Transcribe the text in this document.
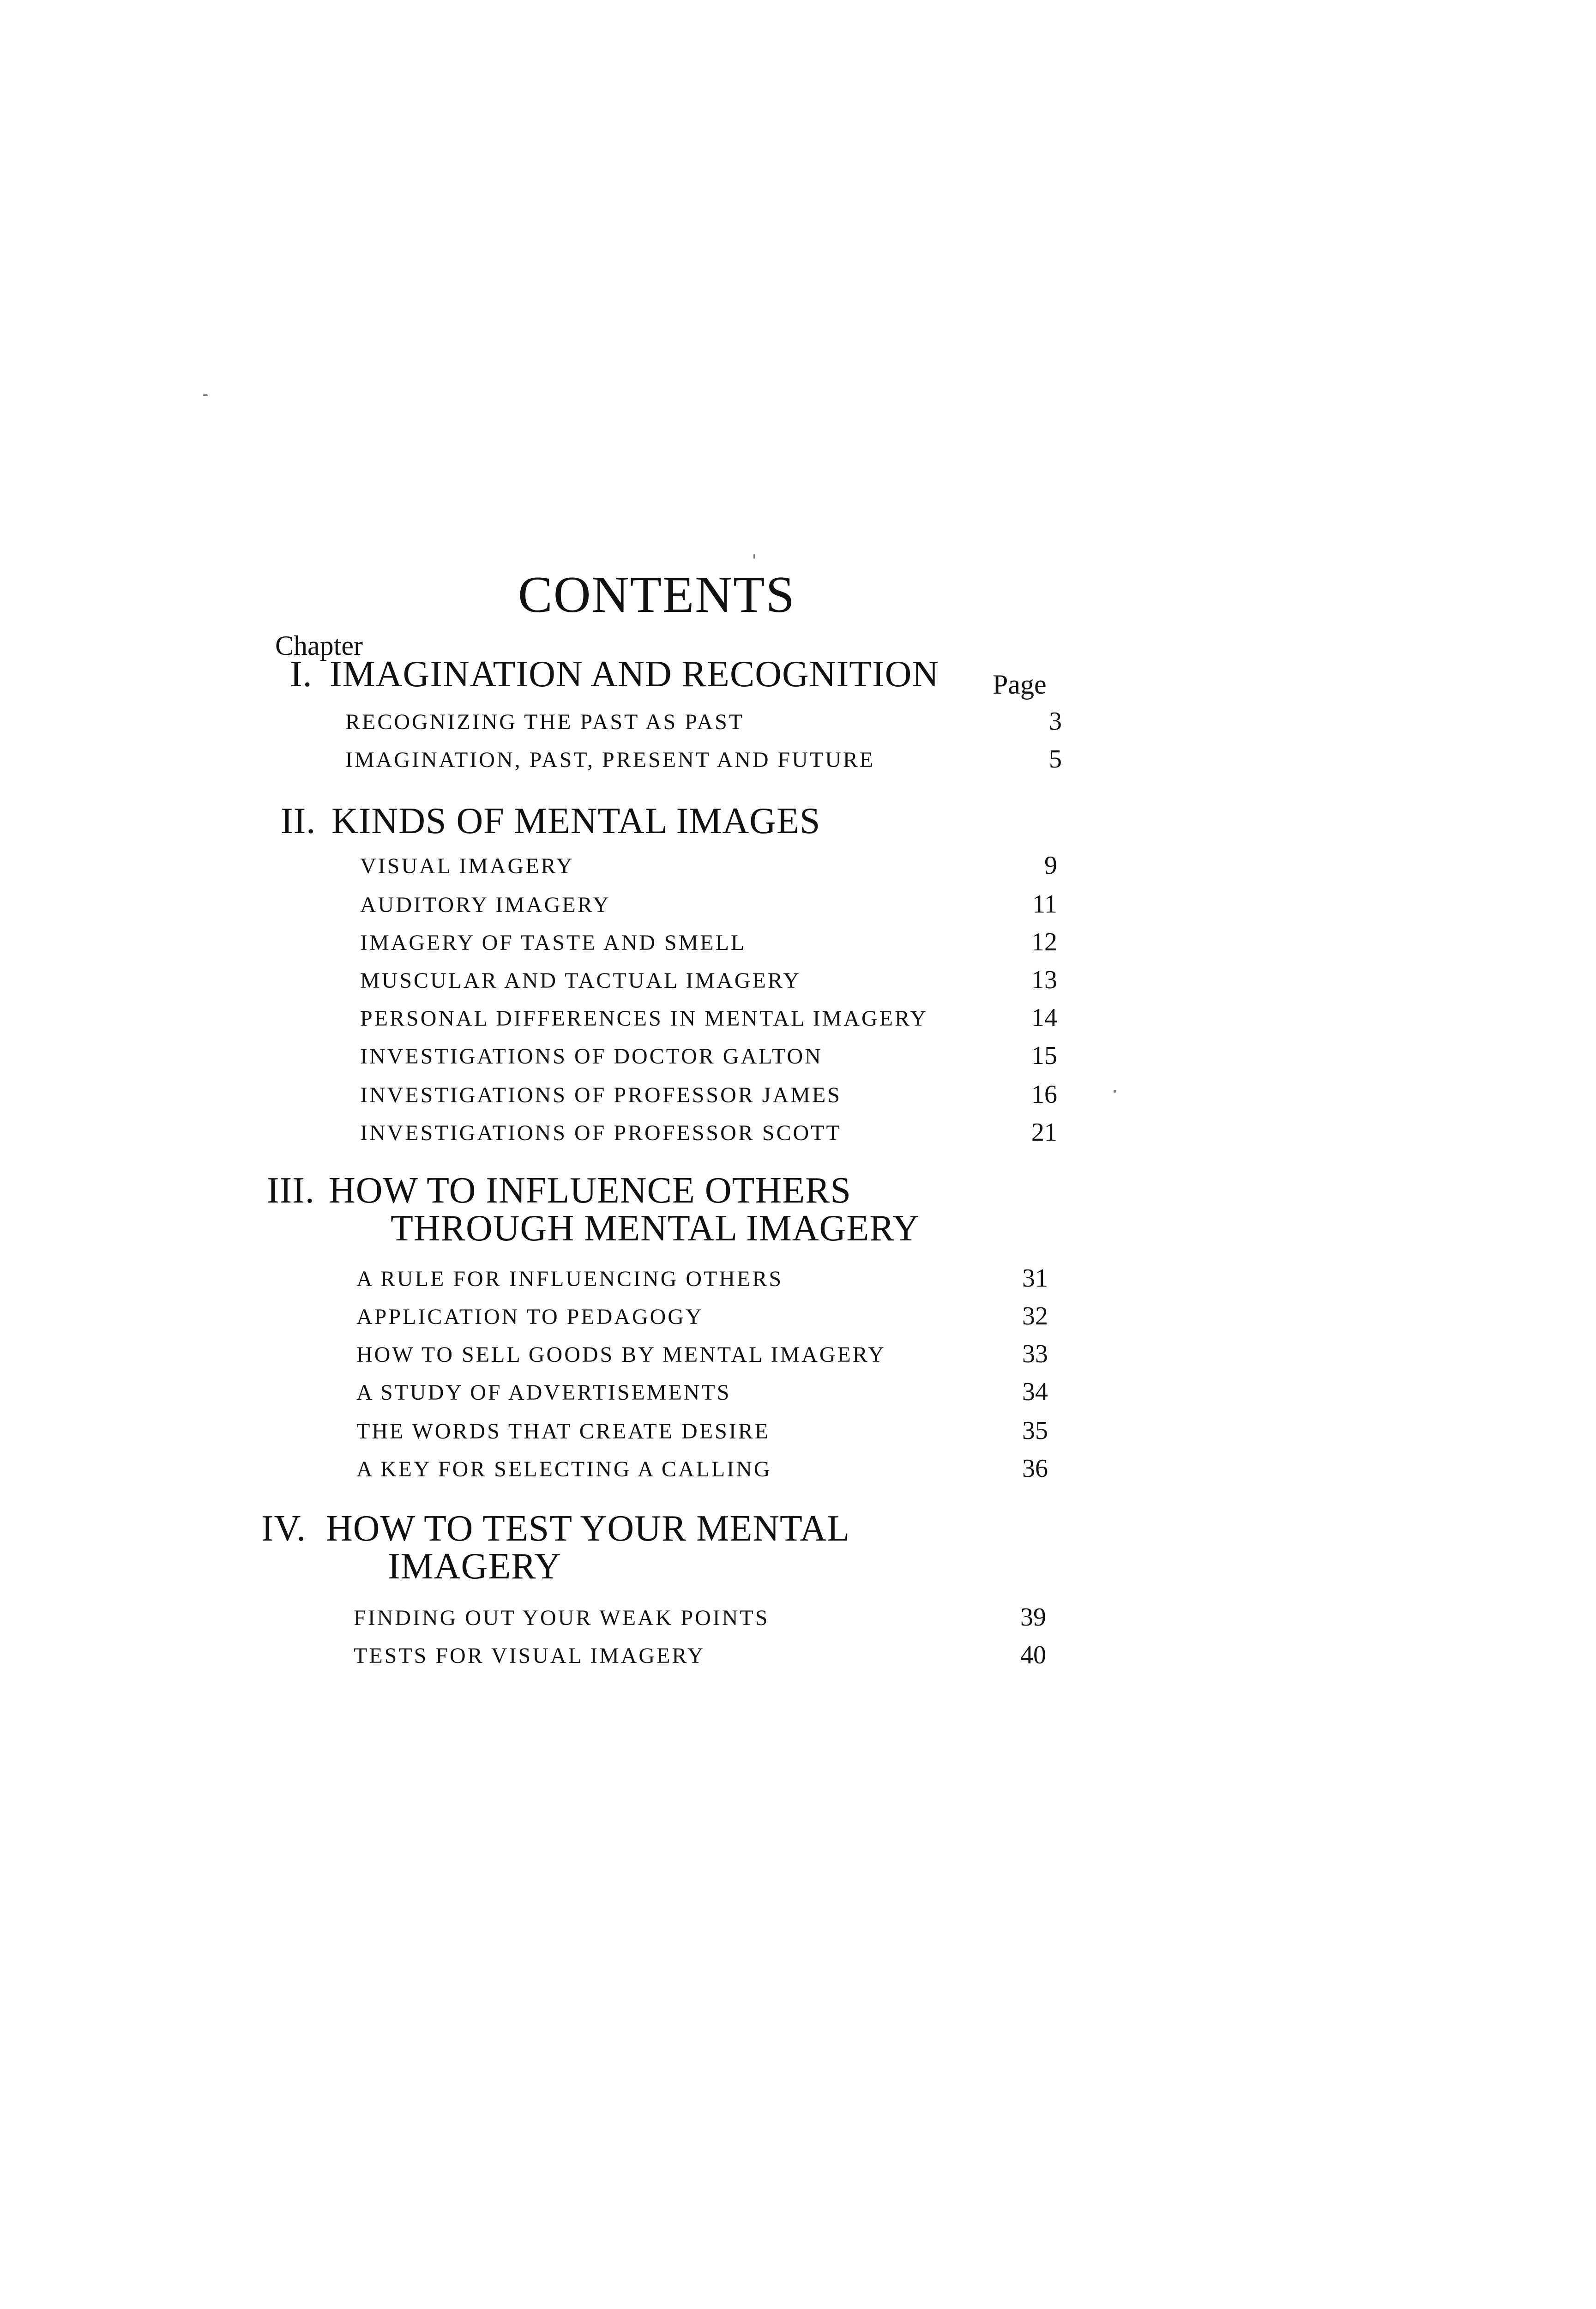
CONTENTS
Chapter
Page
I. IMAGINATION AND RECOGNITION
RECOGNIZING THE PAST AS PAST	3
IMAGINATION, PAST, PRESENT AND FUTURE	5
II. KINDS OF MENTAL IMAGES
VISUAL IMAGERY	9
AUDITORY IMAGERY	11
IMAGERY OF TASTE AND SMELL	12
MUSCULAR AND TACTUAL IMAGERY	13
PERSONAL DIFFERENCES IN MENTAL IMAGERY	14
INVESTIGATIONS OF DOCTOR GALTON	15
INVESTIGATIONS OF PROFESSOR JAMES	16
INVESTIGATIONS OF PROFESSOR SCOTT	21
III. HOW TO INFLUENCE OTHERS
THROUGH MENTAL IMAGERY
A RULE FOR INFLUENCING OTHERS	31
APPLICATION TO PEDAGOGY	32
HOW TO SELL GOODS BY MENTAL IMAGERY	33
A STUDY OF ADVERTISEMENTS	34
THE WORDS THAT CREATE DESIRE	35
A KEY FOR SELECTING A CALLING	36
IV. HOW TO TEST YOUR MENTAL
IMAGERY
FINDING OUT YOUR WEAK POINTS	39
TESTS FOR VISUAL IMAGERY	40
